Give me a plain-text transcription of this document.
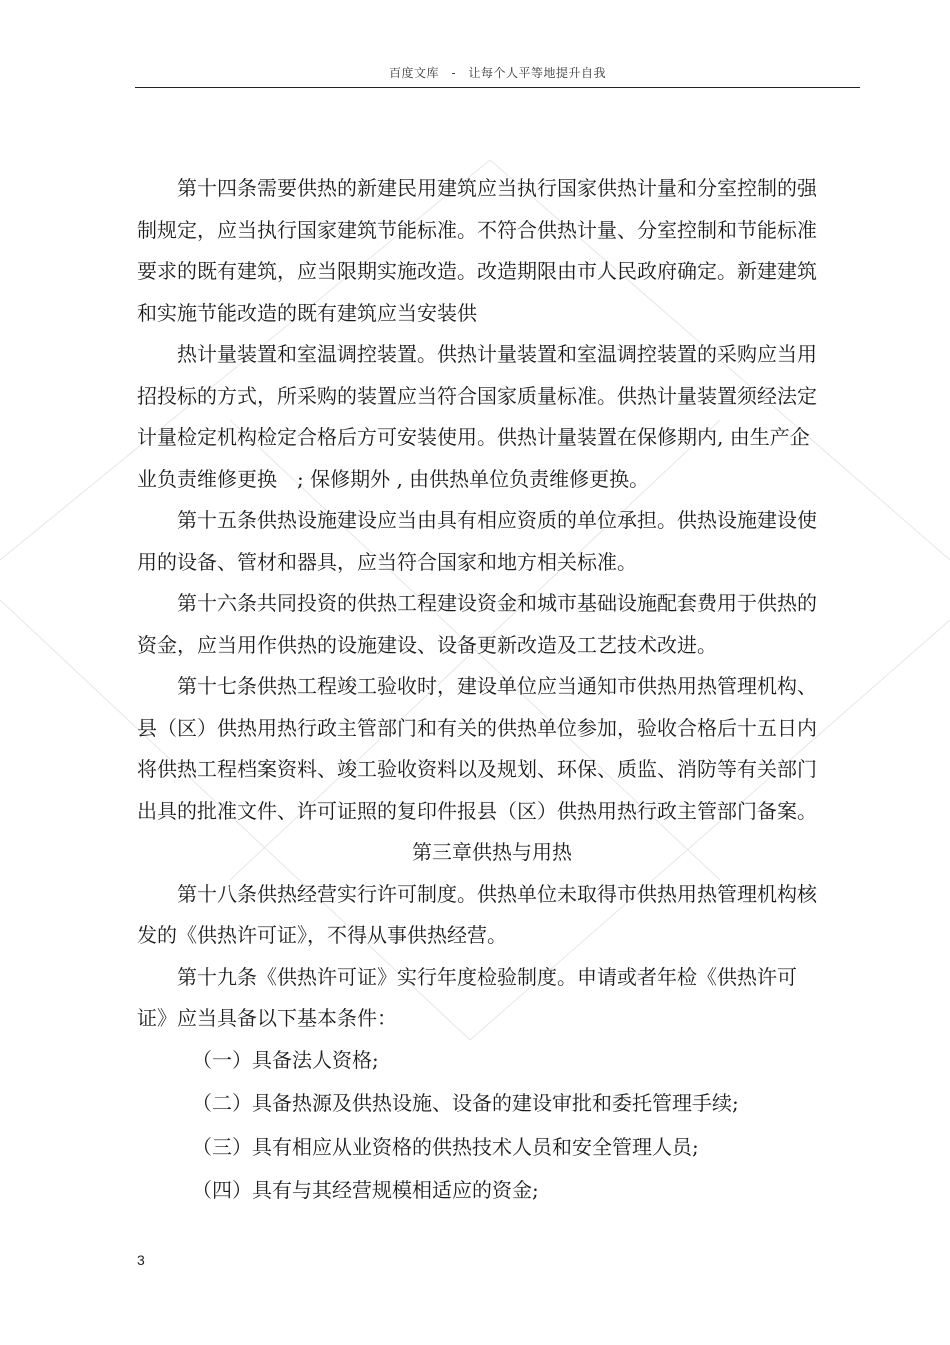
百度文库　-　让每个人平等地提升自我

第十四条需要供热的新建民用建筑应当执行国家供热计量和分室控制的强制规定，应当执行国家建筑节能标准。不符合供热计量、分室控制和节能标准要求的既有建筑，应当限期实施改造。改造期限由市人民政府确定。新建建筑和实施节能改造的既有建筑应当安装供

热计量装置和室温调控装置。供热计量装置和室温调控装置的采购应当用招投标的方式，所采购的装置应当符合国家质量标准。供热计量装置须经法定计量检定机构检定合格后方可安装使用。供热计量装置在保修期内, 由生产企业负责维修更换　; 保修期外 , 由供热单位负责维修更换。

第十五条供热设施建设应当由具有相应资质的单位承担。供热设施建设使用的设备、管材和器具，应当符合国家和地方相关标准。

第十六条共同投资的供热工程建设资金和城市基础设施配套费用于供热的资金，应当用作供热的设施建设、设备更新改造及工艺技术改进。

第十七条供热工程竣工验收时，建设单位应当通知市供热用热管理机构、县（区）供热用热行政主管部门和有关的供热单位参加，验收合格后十五日内将供热工程档案资料、竣工验收资料以及规划、环保、质监、消防等有关部门出具的批准文件、许可证照的复印件报县（区）供热用热行政主管部门备案。

第三章供热与用热

第十八条供热经营实行许可制度。供热单位未取得市供热用热管理机构核发的《供热许可证》，不得从事供热经营。

第十九条《供热许可证》实行年度检验制度。申请或者年检《供热许可证》应当具备以下基本条件：

（一）具备法人资格;

（二）具备热源及供热设施、设备的建设审批和委托管理手续;

（三）具有相应从业资格的供热技术人员和安全管理人员;

（四）具有与其经营规模相适应的资金;

3
